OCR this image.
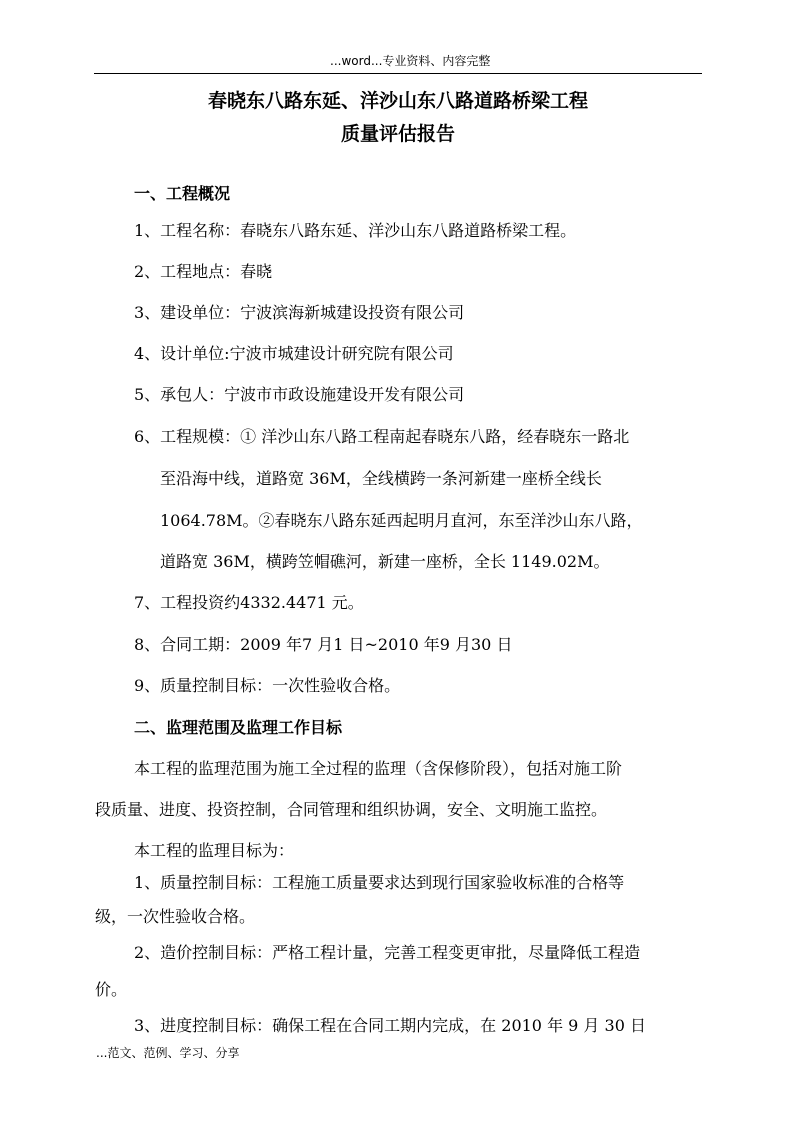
...word...专业资料、内容完整
春晓东八路东延、洋沙山东八路道路桥梁工程
质量评估报告
一、工程概况
1、工程名称：春晓东八路东延、洋沙山东八路道路桥梁工程。
2、工程地点：春晓
3、建设单位：宁波滨海新城建设投资有限公司
4、设计单位:宁波市城建设计研究院有限公司
5、承包人：宁波市市政设施建设开发有限公司
6、工程规模：① 洋沙山东八路工程南起春晓东八路，经春晓东一路北
至沿海中线，道路宽 36M，全线横跨一条河新建一座桥全线长
1064.78M。②春晓东八路东延西起明月直河，东至洋沙山东八路，
道路宽 36M，横跨笠帽礁河，新建一座桥，全长 1149.02M。
7、工程投资约4332.4471 元。
8、合同工期：2009 年7 月1 日~2010 年9 月30 日
9、质量控制目标：一次性验收合格。
二、监理范围及监理工作目标
本工程的监理范围为施工全过程的监理（含保修阶段），包括对施工阶
段质量、进度、投资控制，合同管理和组织协调，安全、文明施工监控。
本工程的监理目标为：
1、质量控制目标：工程施工质量要求达到现行国家验收标准的合格等
级，一次性验收合格。
2、造价控制目标：严格工程计量，完善工程变更审批，尽量降低工程造
价。
3、进度控制目标：确保工程在合同工期内完成，在 2010 年 9 月 30 日
...范文、范例、学习、分享
